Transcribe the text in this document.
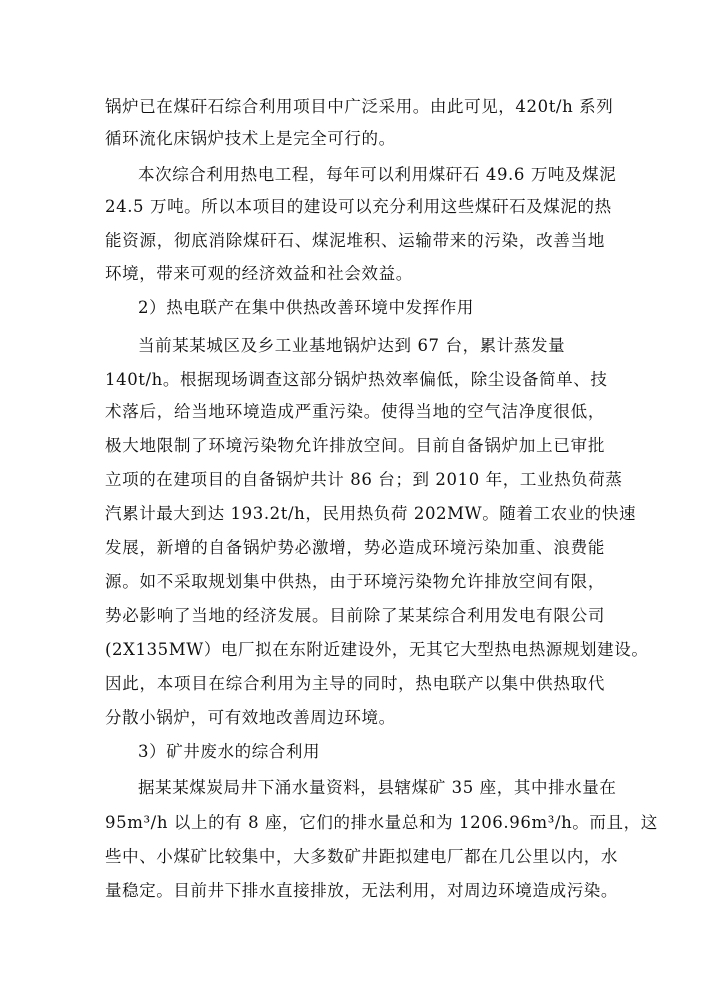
锅炉已在煤矸石综合利用项目中广泛采用。由此可见，420t/h 系列
循环流化床锅炉技术上是完全可行的。
本次综合利用热电工程，每年可以利用煤矸石 49.6 万吨及煤泥
24.5 万吨。所以本项目的建设可以充分利用这些煤矸石及煤泥的热
能资源，彻底消除煤矸石、煤泥堆积、运输带来的污染，改善当地
环境，带来可观的经济效益和社会效益。
2）热电联产在集中供热改善环境中发挥作用
当前某某城区及乡工业基地锅炉达到 67 台，累计蒸发量
140t/h。根据现场调查这部分锅炉热效率偏低，除尘设备简单、技
术落后，给当地环境造成严重污染。使得当地的空气洁净度很低，
极大地限制了环境污染物允许排放空间。目前自备锅炉加上已审批
立项的在建项目的自备锅炉共计 86 台；到 2010 年，工业热负荷蒸
汽累计最大到达 193.2t/h，民用热负荷 202MW。随着工农业的快速
发展，新增的自备锅炉势必激增，势必造成环境污染加重、浪费能
源。如不采取规划集中供热，由于环境污染物允许排放空间有限，
势必影响了当地的经济发展。目前除了某某综合利用发电有限公司
(2X135MW）电厂拟在东附近建设外，无其它大型热电热源规划建设。
因此，本项目在综合利用为主导的同时，热电联产以集中供热取代
分散小锅炉，可有效地改善周边环境。
3）矿井废水的综合利用
据某某煤炭局井下涌水量资料，县辖煤矿 35 座，其中排水量在
95m³/h 以上的有 8 座，它们的排水量总和为 1206.96m³/h。而且，这
些中、小煤矿比较集中，大多数矿井距拟建电厂都在几公里以内，水
量稳定。目前井下排水直接排放，无法利用，对周边环境造成污染。
